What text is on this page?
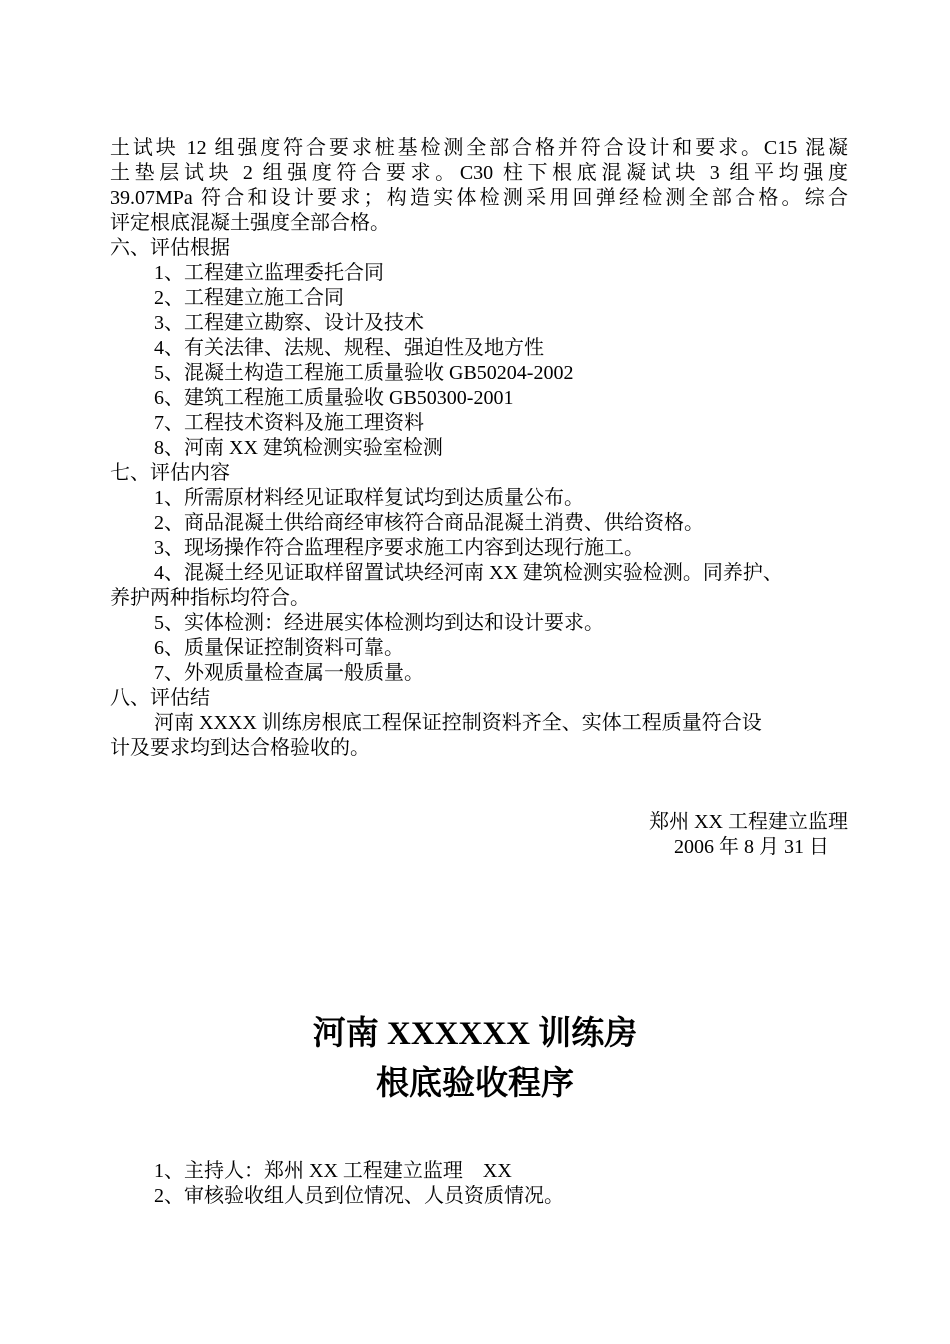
土试块 12 组强度符合要求桩基检测全部合格并符合设计和要求。C15 混凝
土垫层试块 2 组强度符合要求。C30 柱下根底混凝试块 3 组平均强度
39.07MPa 符合和设计要求；构造实体检测采用回弹经检测全部合格。综合
评定根底混凝土强度全部合格。
六、评估根据
1、工程建立监理委托合同
2、工程建立施工合同
3、工程建立勘察、设计及技术
4、有关法律、法规、规程、强迫性及地方性
5、混凝土构造工程施工质量验收 GB50204-2002
6、建筑工程施工质量验收 GB50300-2001
7、工程技术资料及施工理资料
8、河南 XX 建筑检测实验室检测
七、评估内容
1、所需原材料经见证取样复试均到达质量公布。
2、商品混凝土供给商经审核符合商品混凝土消费、供给资格。
3、现场操作符合监理程序要求施工内容到达现行施工。
4、混凝土经见证取样留置试块经河南 XX 建筑检测实验检测。同养护、
养护两种指标均符合。
5、实体检测：经进展实体检测均到达和设计要求。
6、质量保证控制资料可靠。
7、外观质量检查属一般质量。
八、评估结
河南 XXXX 训练房根底工程保证控制资料齐全、实体工程质量符合设
计及要求均到达合格验收的。
郑州 XX 工程建立监理
2006 年 8 月 31 日
河南 XXXXXX 训练房
根底验收程序
1、主持人：郑州 XX 工程建立监理　XX
2、审核验收组人员到位情况、人员资质情况。
